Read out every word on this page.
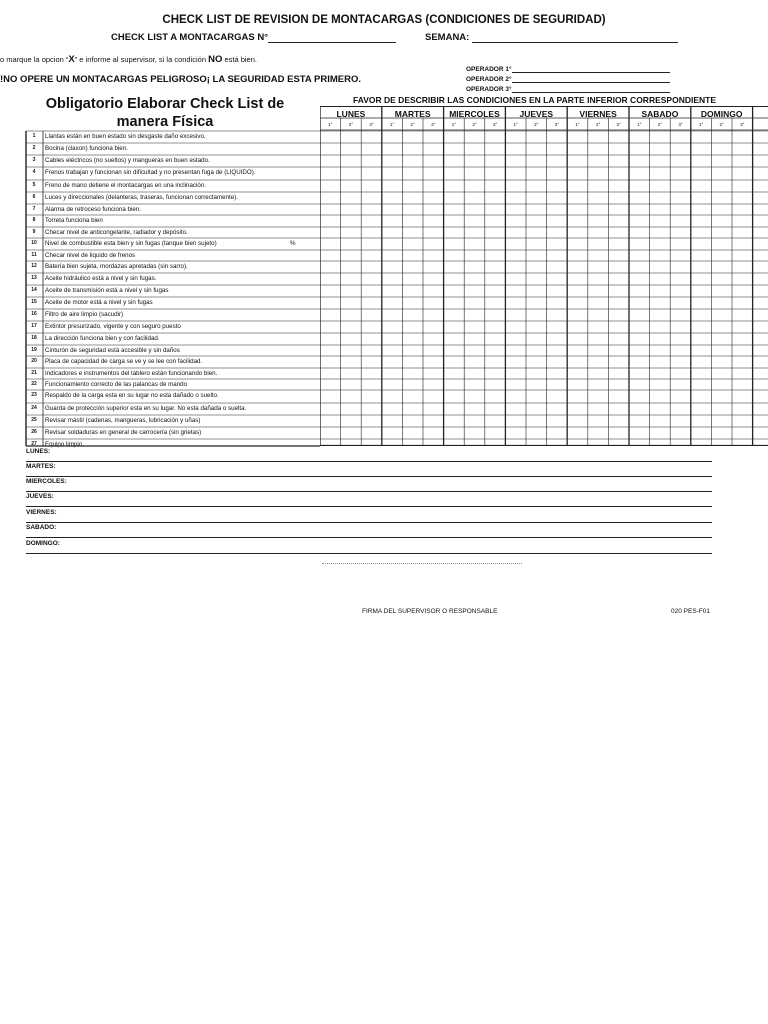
CHECK LIST DE REVISION DE MONTACARGAS (CONDICIONES DE SEGURIDAD)
CHECK LIST A MONTACARGAS N°	SEMANA:
o marque la opcion “X” e informe al supervisor, si la condición NO está bien.
OPERADOR 1°
OPERADOR 2°
OPERADOR 3°
!NO OPERE UN MONTACARGAS PELIGROSO¡ LA SEGURIDAD ESTA PRIMERO.
Obligatorio Elaborar Check List de manera Física
FAVOR DE DESCRIBIR LAS CONDICIONES EN LA PARTE INFERIOR CORRESPONDIENTE
LUNES
1°	2°	3°
MARTES
1°	2°	3°
MIERCOLES
1°	2°	3°
JUEVES
1°	2°	3°
VIERNES
1°	2°	3°
SABADO
1°	2°	3°
DOMINGO
1°	2°	3°
1	Llantas están en buen estado sin desgaste daño excesivo.
2	Bocina (claxon) funciona bien.
3	Cables eléctricos (no sueltos) y mangueras en buen estado.
4	Frenos trabajan y funcionan sin dificultad y no presentan fuga de (LIQUIDO).
5	Freno de mano detiene el montacargas en una inclinación.
6	Luces y direccionales (delanteras, traseras, funcionan correctamente).
7	Alarma de retroceso funciona bien.
8	Torreta funciona bien
9	Checar nivel de anticongelante, radiador y depósito.
10	Nivel de combustible esta bien y sin fugas (tanque bien sujeto)	%
11	Checar nivel de liquido de frenos
12	Batería bien sujeta, mordazas apretadas (sin sarro).
13	Aceite hidráulico está a nivel y sin fugas.
14	Aceite de transmisión está a nivel y sin fugas
15	Aceite de motor está a nivel y sin fugas
16	Filtro de aire limpio (sacudir)
17	Extintor presurizado, vigente y con seguro puesto
18	La dirección funciona bien y con facilidad.
19	Cinturón de seguridad está accesible y sin daños
20	Placa de capacidad de carga se ve y se lee con facilidad.
21	Indicadores e instrumentos del tablero están funcionando bien.
22	Funcionamiento correcto de las palancas de mando
23	Respaldo de la carga esta en su lugar no esta dañado o suelto.
24	Guarda de protección superior esta en su lugar. No esta dañada o suelta.
25	Revisar mástil (cadenas, mangueras, lubricación y uñas)
26	Revisar soldaduras en general de carrocería (sin grietas)
27	Equipo limpio
LUNES:
MARTES:
MIERCOLES:
JUEVES:
VIERNES:
SABADO:
DOMINGO:
FIRMA DEL SUPERVISOR O RESPONSABLE	020 PES-F01
